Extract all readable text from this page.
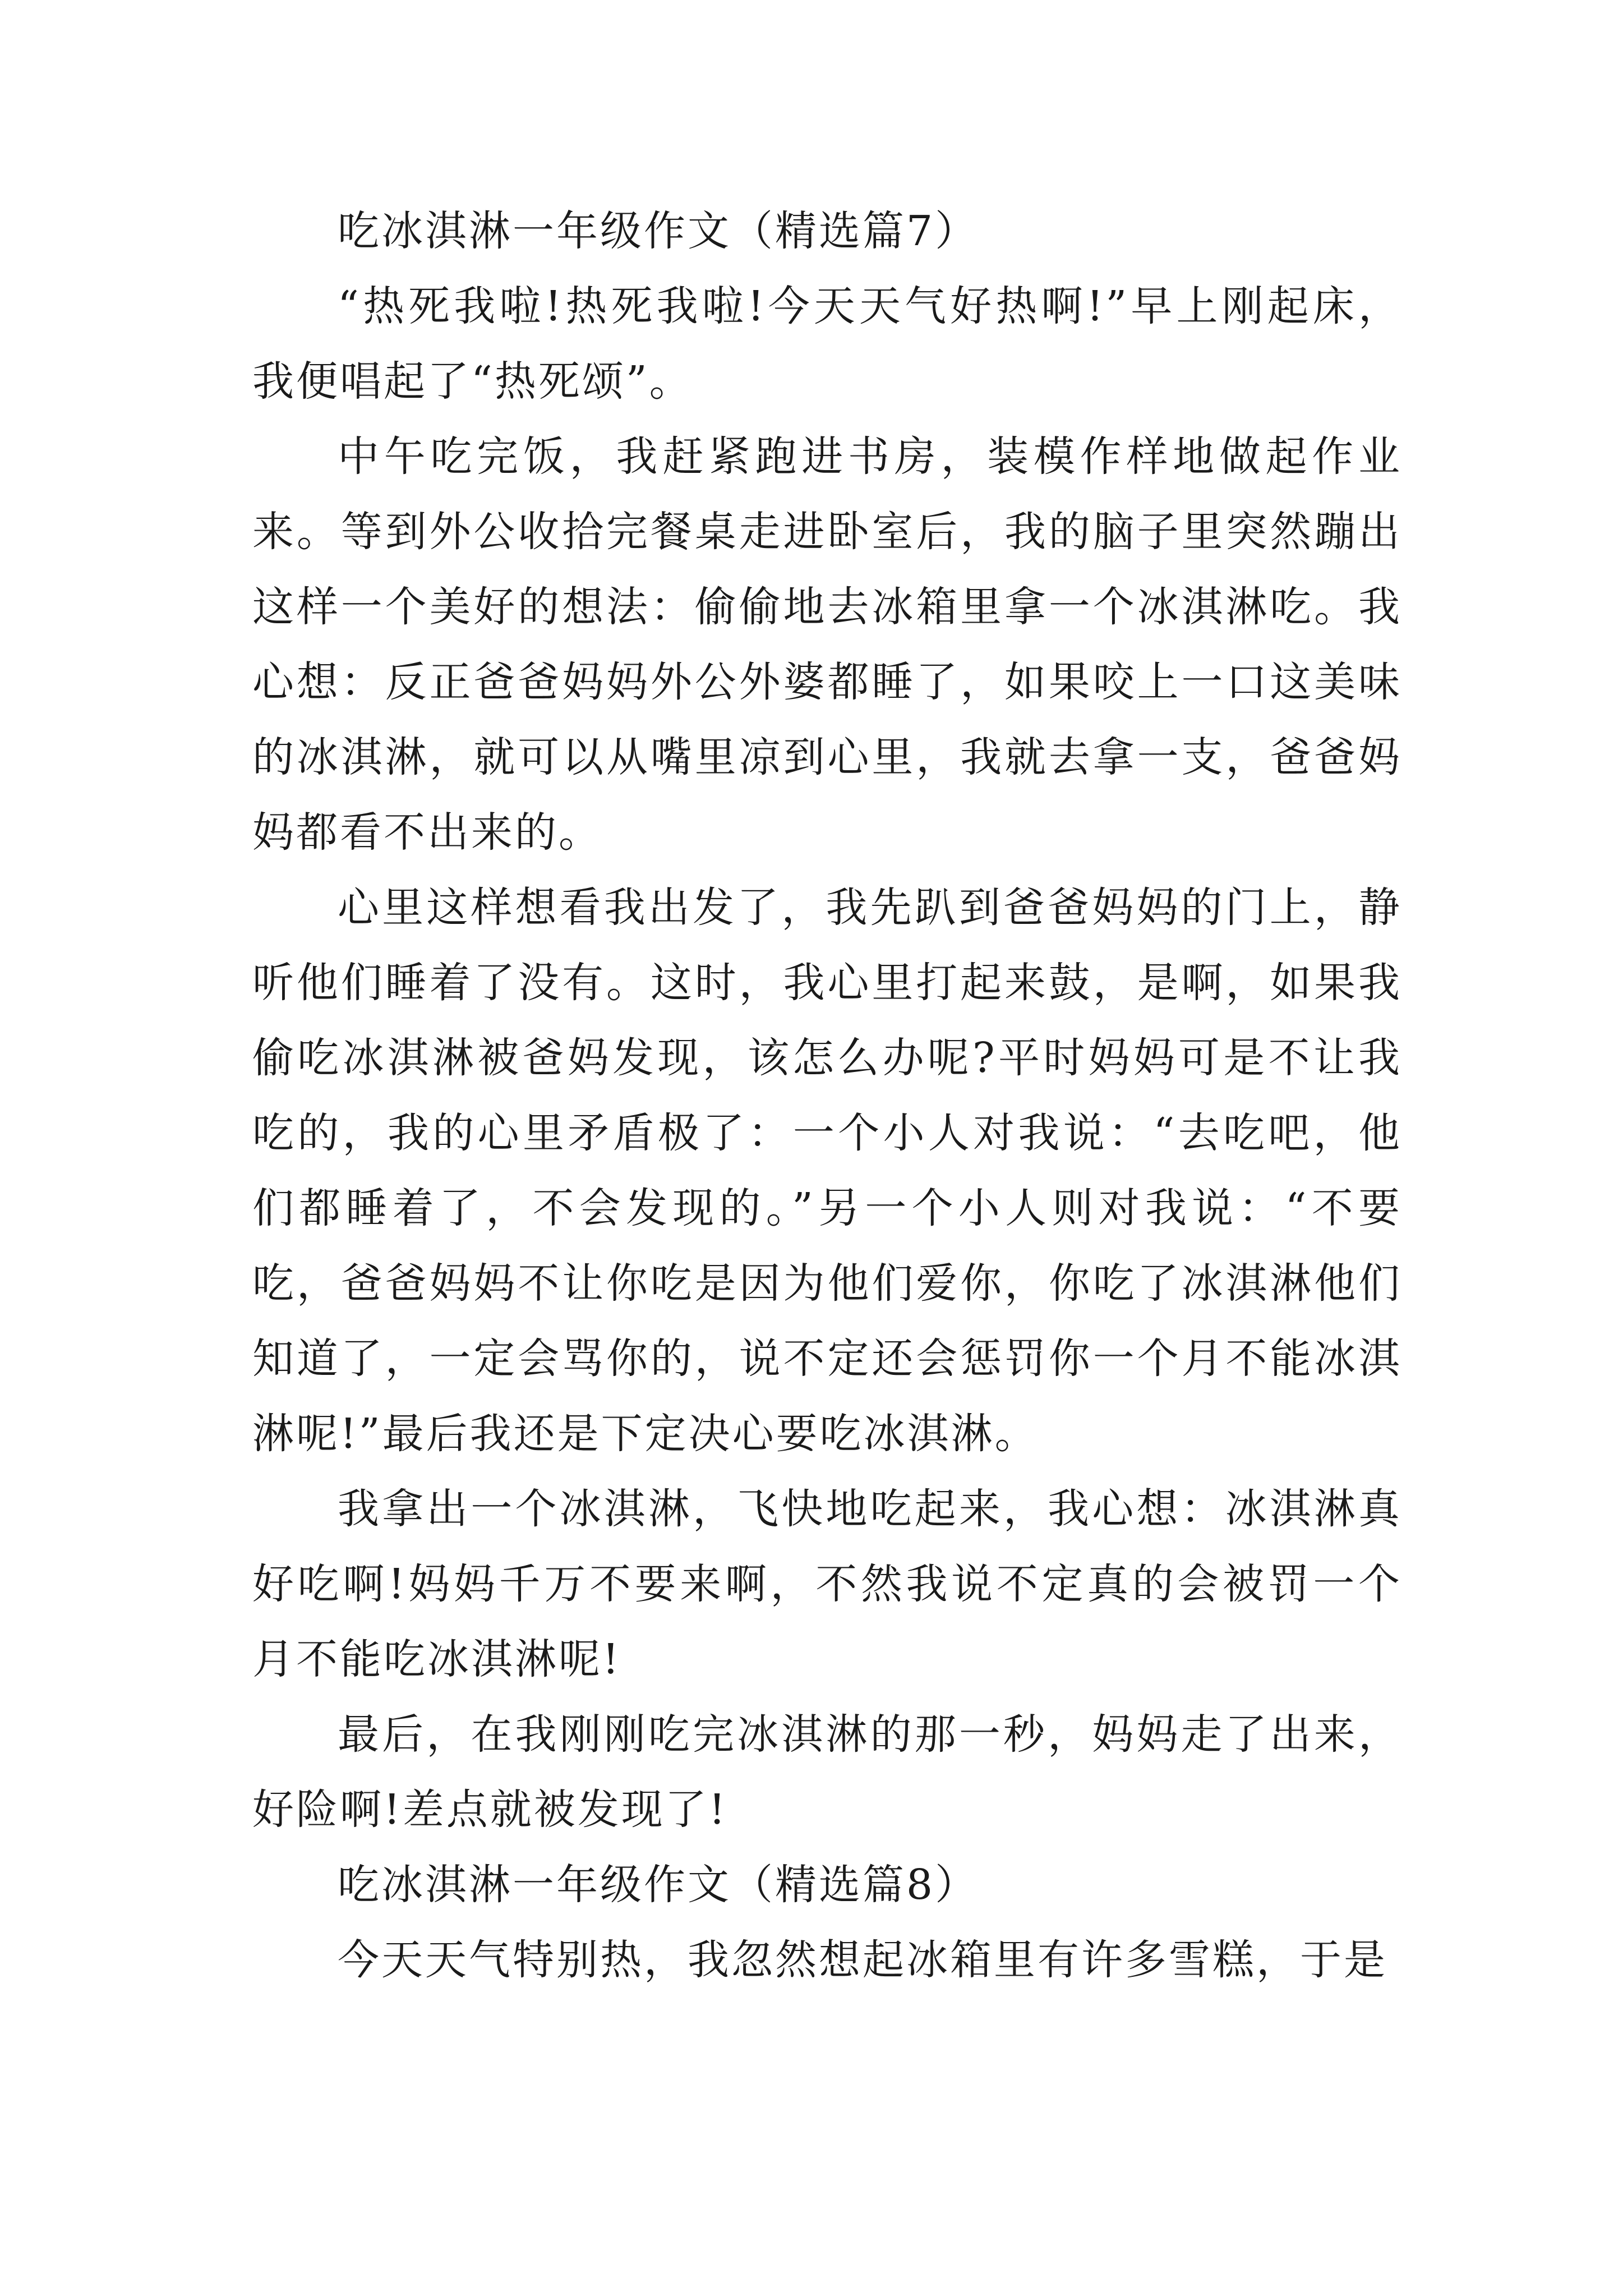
吃冰淇淋一年级作文（精选篇7）

“热死我啦!热死我啦!今天天气好热啊!”早上刚起床，我便唱起了“热死颂”。

中午吃完饭，我赶紧跑进书房，装模作样地做起作业来。等到外公收拾完餐桌走进卧室后，我的脑子里突然蹦出这样一个美好的想法：偷偷地去冰箱里拿一个冰淇淋吃。我心想：反正爸爸妈妈外公外婆都睡了，如果咬上一口这美味的冰淇淋，就可以从嘴里凉到心里，我就去拿一支，爸爸妈妈都看不出来的。

心里这样想看我出发了，我先趴到爸爸妈妈的门上，静听他们睡着了没有。这时，我心里打起来鼓，是啊，如果我偷吃冰淇淋被爸妈发现，该怎么办呢?平时妈妈可是不让我吃的，我的心里矛盾极了：一个小人对我说：“去吃吧，他们都睡着了，不会发现的。”另一个小人则对我说：“不要吃，爸爸妈妈不让你吃是因为他们爱你，你吃了冰淇淋他们知道了，一定会骂你的，说不定还会惩罚你一个月不能冰淇淋呢!”最后我还是下定决心要吃冰淇淋。

我拿出一个冰淇淋，飞快地吃起来，我心想：冰淇淋真好吃啊!妈妈千万不要来啊，不然我说不定真的会被罚一个月不能吃冰淇淋呢!

最后，在我刚刚吃完冰淇淋的那一秒，妈妈走了出来，好险啊!差点就被发现了!

吃冰淇淋一年级作文（精选篇8）

今天天气特别热，我忽然想起冰箱里有许多雪糕，于是
